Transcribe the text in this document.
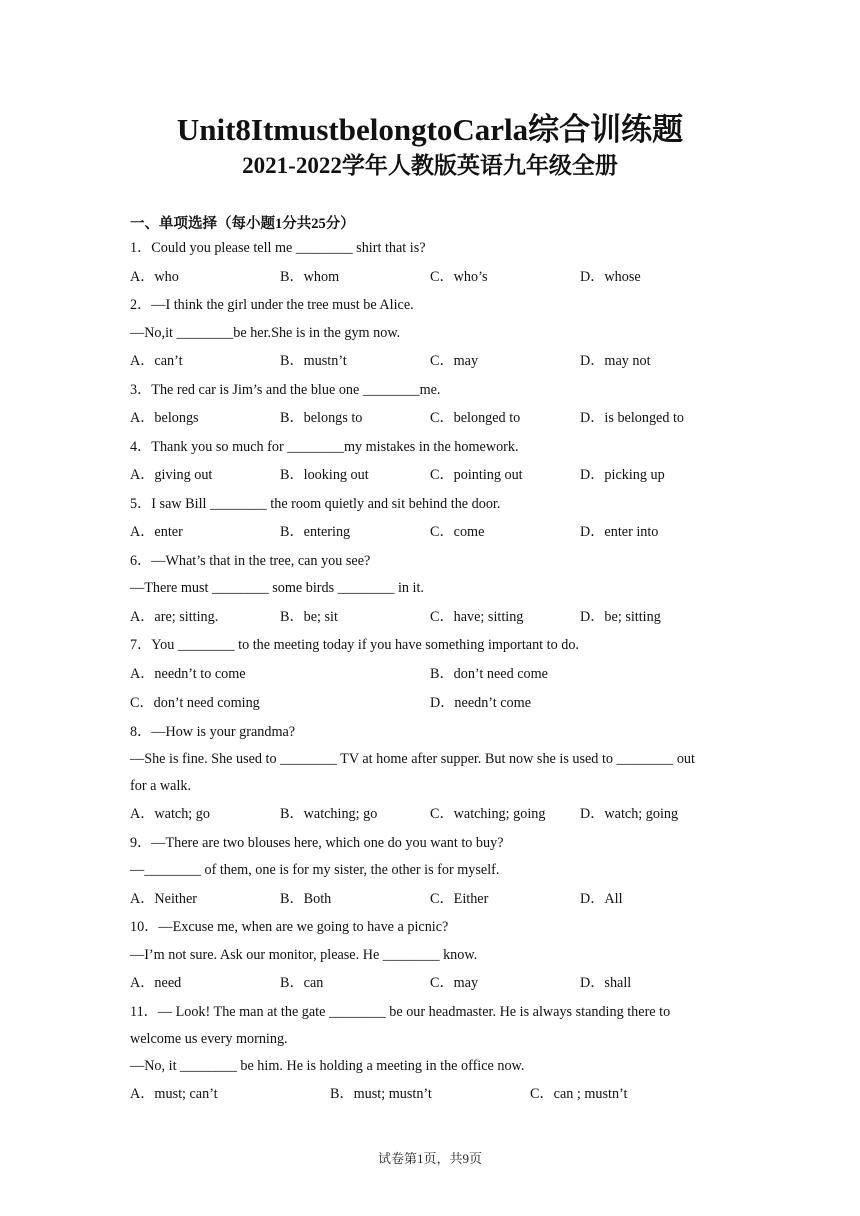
Unit8ItmustbelongtoCarla综合训练题
2021-2022学年人教版英语九年级全册
一、单项选择（每小题1分共25分）
1．Could you please tell me ________ shirt that is?
A．who	B．whom	C．who’s	D．whose
2．—I think the girl under the tree must be Alice.
—No,it ________be her.She is in the gym now.
A．can’t	B．mustn’t	C．may	D．may not
3．The red car is Jim’s and the blue one ________me.
A．belongs	B．belongs to	C．belonged to	D．is belonged to
4．Thank you so much for ________my mistakes in the homework.
A．giving out	B．looking out	C．pointing out	D．picking up
5．I saw Bill ________ the room quietly and sit behind the door.
A．enter	B．entering	C．come	D．enter into
6．—What’s that in the tree, can you see?
—There must ________ some birds ________ in it.
A．are; sitting.	B．be; sit	C．have; sitting	D．be; sitting
7．You ________ to the meeting today if you have something important to do.
A．needn’t to come	B．don’t need come
C．don’t need coming	D．needn’t come
8．—How is your grandma?
—She is fine. She used to ________ TV at home after supper. But now she is used to ________ out for a walk.
A．watch; go	B．watching; go	C．watching; going D．watch; going
9．—There are two blouses here, which one do you want to buy?
—________ of them, one is for my sister, the other is for myself.
A．Neither	B．Both	C．Either	D．All
10．—Excuse me, when are we going to have a picnic?
—I’m not sure. Ask our monitor, please. He ________ know.
A．need	B．can	C．may	D．shall
11．— Look! The man at the gate ________ be our headmaster. He is always standing there to welcome us every morning.
—No, it ________ be him. He is holding a meeting in the office now.
A．must; can’t	B．must; mustn’t	C．can ; mustn’t
试卷第1页，共9页
